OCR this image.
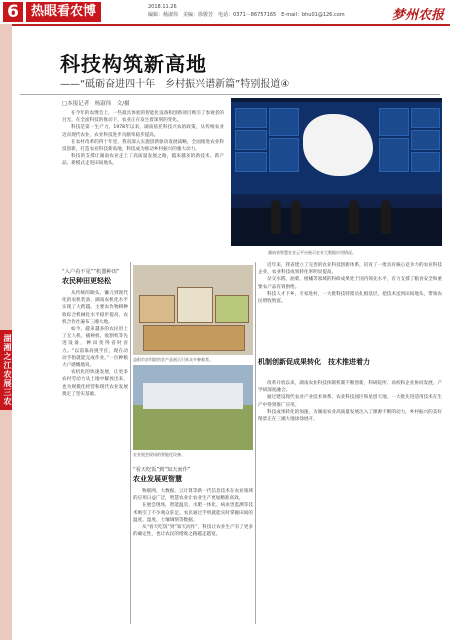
6 热眼看农博	2018.11.26
编辑：杨淑伟　 美编：徐骏芳　 电话：0371－86757165　 E-mail：bhu01@126.com	梦州农报
湖湘之江农展三农
科技构筑新高地
——“砥砺奋进四十年　乡村振兴谱新篇”特别报道④
□本报记者　杨淑伟　文/摄

在今年的农博会上，一些最具体验的智能化设备和创新项目吸引了参观者的目光，在全面科技的推动下，农业正在发生着深刻的变化。

科技是第一生产力。1978年以来，湖南依托科技兴农的政策，从传统农业迈向现代农业，农业科技进步贡献率稳步提高。

在农村改革的四十年里，我省深入实施创新驱动发展战略，全面推进农业科技创新，打造农业科技新高地，科技成为推动乡村振兴的强大动力。

科技的支撑让湖南农业走上了高质量发展之路，越来越多的新技术、新产品、新模式走进田间地头。

湖南省智慧农业云平台展示农业大数据应用情况。
“入户看不见”“机器种田”
农民种田更轻松

从传统的锄头、镰刀到现代化的农机装备，湖南农机化水平实现了大跨越。主要农作物耕种收综合机械化水平稳步提高，农机合作社遍布三湘大地。

如今，越来越多的农民用上了无人机、插秧机、收割机等先进设备，种田变得省时省力。“以前靠肩挑手扛，现在动动手指就能完成作业。”一位种粮大户感慨地说。

农机化的快速发展，让更多农村劳动力从土地中解放出来，也为规模化经营和现代农业发展奠定了坚实基础。

益阳市农科院的农产品展示引来众多参观者。
农业展会现场的智能化设备。
“看天吃饭”到“知天而作”
农业发展更智慧

物联网、大数据、云计算等新一代信息技术在农业领域的应用日益广泛，智慧农业让农业生产更加精准高效。

在展会现场，智能温室、水肥一体化、病虫害监测等技术吸引了不少观众驻足。农民通过手机就能实时掌握田间的温度、湿度、土壤墒情等数据。

从“看天吃饭”到“知天而作”，科技让农业生产有了更多的确定性，也让农民的增收之路越走越宽。

近年来，我省建立了完善的农业科技创新体系，培育了一批具有核心竞争力的农业科技企业，农业科技成果转化率明显提高。

杂交水稻、油菜、柑橘等领域的科研成果处于国内领先水平，有力支撑了粮食安全和重要农产品有效供给。

科技人才下乡，专家进村，一大批科技特派员扎根基层，把技术送到田间地头，带领农民增收致富。

机制创新促成果转化　技术推进着力

改革开放以来，湖南农业科技体制机制不断创新，科研院所、高校和企业协同发展，产学研深度融合。

通过建设现代农业产业技术体系、农业科技园区和星创天地，一大批先进适用技术在生产中得到推广应用。

科技成果转化的加速，为湖南农业高质量发展注入了源源不断的动力，乡村振兴的美好图景正在三湘大地徐徐展开。
